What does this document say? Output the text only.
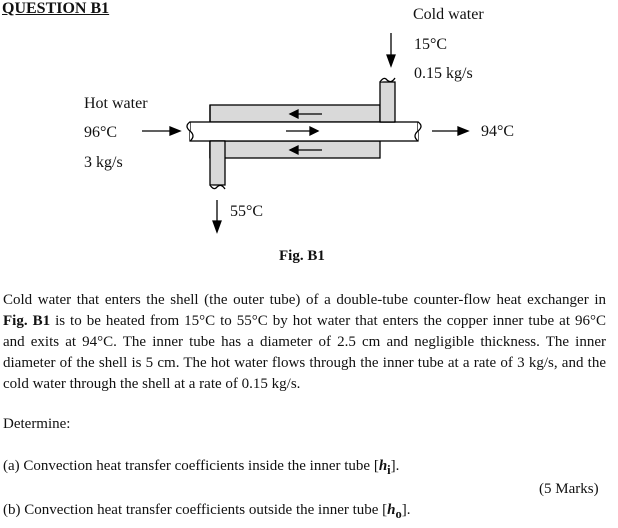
QUESTION B1	Cold water
15°C
0.15 kg/s
Hot water
96°C
3 kg/s
94°C
55°C
Fig. B1
Cold water that enters the shell (the outer tube) of a double-tube counter-flow heat exchanger in Fig. B1 is to be heated from 15°C to 55°C by hot water that enters the copper inner tube at 96°C and exits at 94°C. The inner tube has a diameter of 2.5 cm and negligible thickness. The inner diameter of the shell is 5 cm. The hot water flows through the inner tube at a rate of 3 kg/s, and the cold water through the shell at a rate of 0.15 kg/s.
Determine:
(a) Convection heat transfer coefficients inside the inner tube $[h_i]$.
(5 Marks)
(b) Convection heat transfer coefficients outside the inner tube $[h_o]$.
